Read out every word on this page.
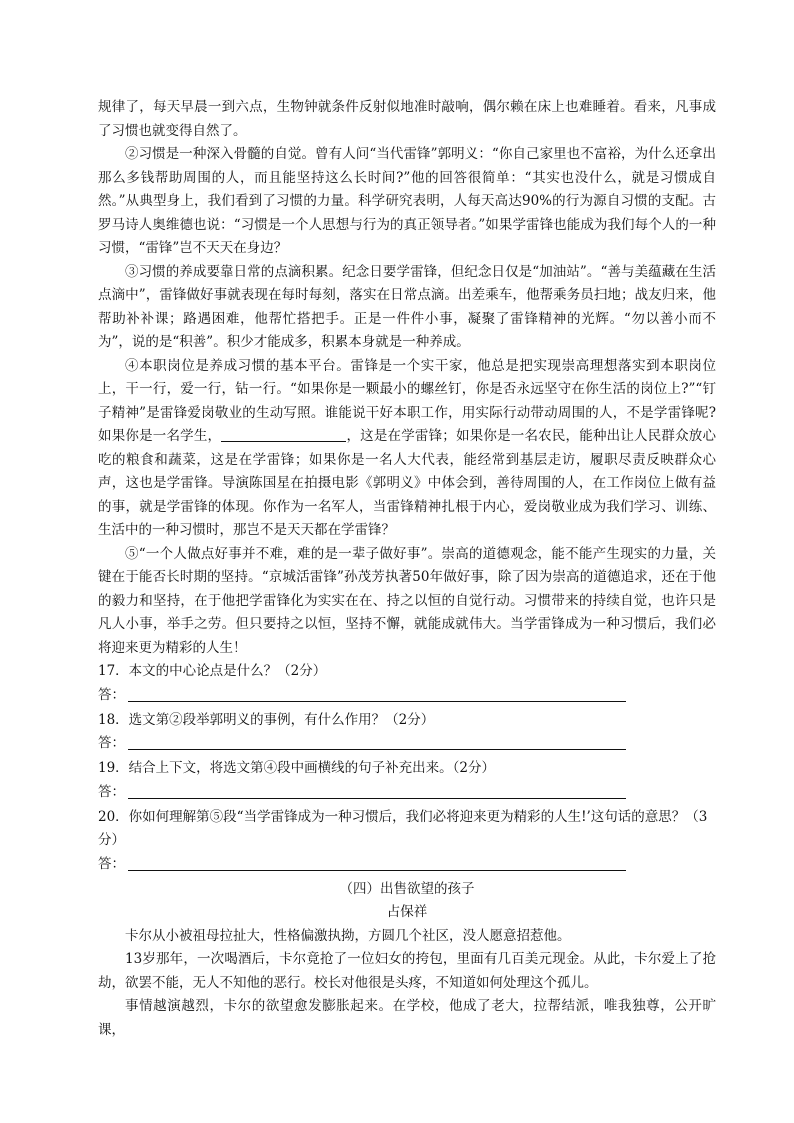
规律了，每天早晨一到六点，生物钟就条件反射似地准时敲响，偶尔赖在床上也难睡着。看来，凡事成了习惯也就变得自然了。

②习惯是一种深入骨髓的自觉。曾有人问“当代雷锋”郭明义：“你自己家里也不富裕，为什么还拿出那么多钱帮助周围的人，而且能坚持这么长时间?”他的回答很简单：“其实也没什么，就是习惯成自然。”从典型身上，我们看到了习惯的力量。科学研究表明，人每天高达90%的行为源自习惯的支配。古罗马诗人奥维德也说：“习惯是一个人思想与行为的真正领导者。”如果学雷锋也能成为我们每个人的一种习惯，“雷锋”岂不天天在身边？

③习惯的养成要靠日常的点滴积累。纪念日要学雷锋，但纪念日仅是“加油站”。“善与美蕴藏在生活点滴中”，雷锋做好事就表现在每时每刻，落实在日常点滴。出差乘车，他帮乘务员扫地；战友归来，他帮助补补课；路遇困难，他帮忙搭把手。正是一件件小事，凝聚了雷锋精神的光辉。“勿以善小而不为”，说的是“积善”。积少才能成多，积累本身就是一种养成。

④本职岗位是养成习惯的基本平台。雷锋是一个实干家，他总是把实现崇高理想落实到本职岗位上，干一行，爱一行，钻一行。“如果你是一颗最小的螺丝钉，你是否永远坚守在你生活的岗位上?”“钉子精神”是雷锋爱岗敬业的生动写照。谁能说干好本职工作，用实际行动带动周围的人，不是学雷锋呢?如果你是一名学生，	，这是在学雷锋；如果你是一名农民，能种出让人民群众放心吃的粮食和蔬菜，这是在学雷锋；如果你是一名人大代表，能经常到基层走访，履职尽责反映群众心声，这也是学雷锋。导演陈国星在拍摄电影《郭明义》中体会到，善待周围的人，在工作岗位上做有益的事，就是学雷锋的体现。你作为一名军人，当雷锋精神扎根于内心，爱岗敬业成为我们学习、训练、生活中的一种习惯时，那岂不是天天都在学雷锋？

⑤“一个人做点好事并不难，难的是一辈子做好事”。崇高的道德观念，能不能产生现实的力量，关键在于能否长时期的坚持。“京城活雷锋”孙茂芳执著50年做好事，除了因为崇高的道德追求，还在于他的毅力和坚持，在于他把学雷锋化为实实在在、持之以恒的自觉行动。习惯带来的持续自觉，也许只是凡人小事，举手之劳。但只要持之以恒，坚持不懈，就能成就伟大。当学雷锋成为一种习惯后，我们必将迎来更为精彩的人生！

17．本文的中心论点是什么？（2分）

答：

18．选文第②段举郭明义的事例，有什么作用？（2分）

答：

19．结合上下文，将选文第④段中画横线的句子补充出来。（2分）

答：

20．你如何理解第⑤段“当学雷锋成为一种习惯后，我们必将迎来更为精彩的人生!’这句话的意思？（3分）

答：

（四）出售欲望的孩子

占保祥

卡尔从小被祖母拉扯大，性格偏激执拗，方圆几个社区，没人愿意招惹他。

13岁那年，一次喝酒后，卡尔竟抢了一位妇女的挎包，里面有几百美元现金。从此，卡尔爱上了抢劫，欲罢不能，无人不知他的恶行。校长对他很是头疼，不知道如何处理这个孤儿。

事情越演越烈，卡尔的欲望愈发膨胀起来。在学校，他成了老大，拉帮结派，唯我独尊，公开旷课，
